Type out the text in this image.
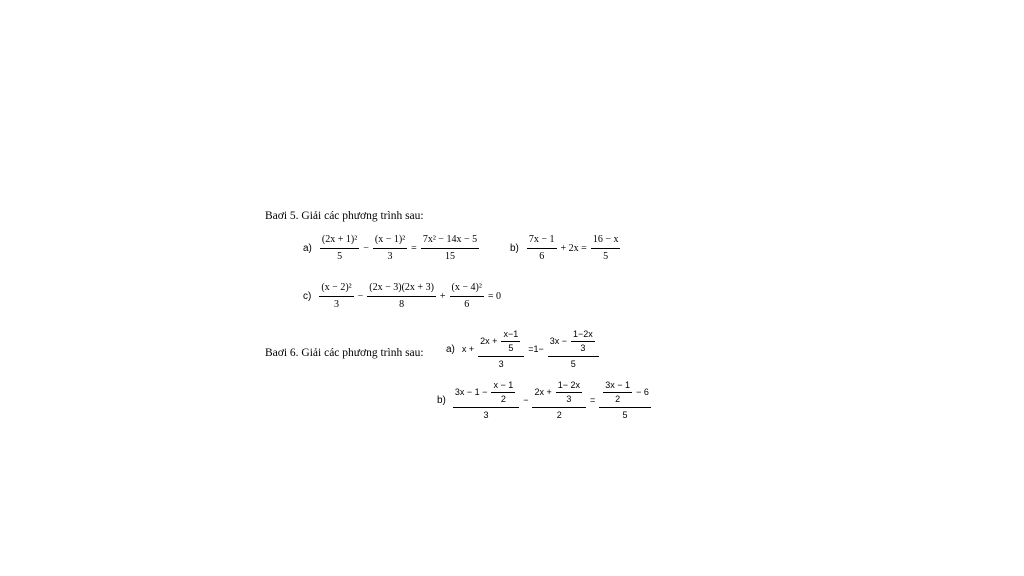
Baơi 5. Giải các phương trình sau:
$a) \frac{\text{(2x + 1)²}}{5} - \frac{\text{(x − 1)²}}{3} = \frac{\text{7x² − 14x − 5}}{15}$	$b) \frac{7x - 1}{6} + 2x = \frac{16 - x}{5}$
$c) \frac{\text{(x − 2)²}}{3} - \frac{(2x - 3)(2x + 3)}{8} + \frac{\text{(x − 4)²}}{6} = 0$
Baơi 6. Giải các phương trình sau: a) $x + \frac{2x + \frac{x-1}{5}}{3} =1- \frac{3x - \frac{1-2x}{3}}{5}$
$b) \frac{3x - 1 - \frac{x - 1}{2}}{3} - \frac{2x + \frac{1- 2x}{3}}{2} = \frac{\frac{3x - 1}{2} - 6}{5}$
